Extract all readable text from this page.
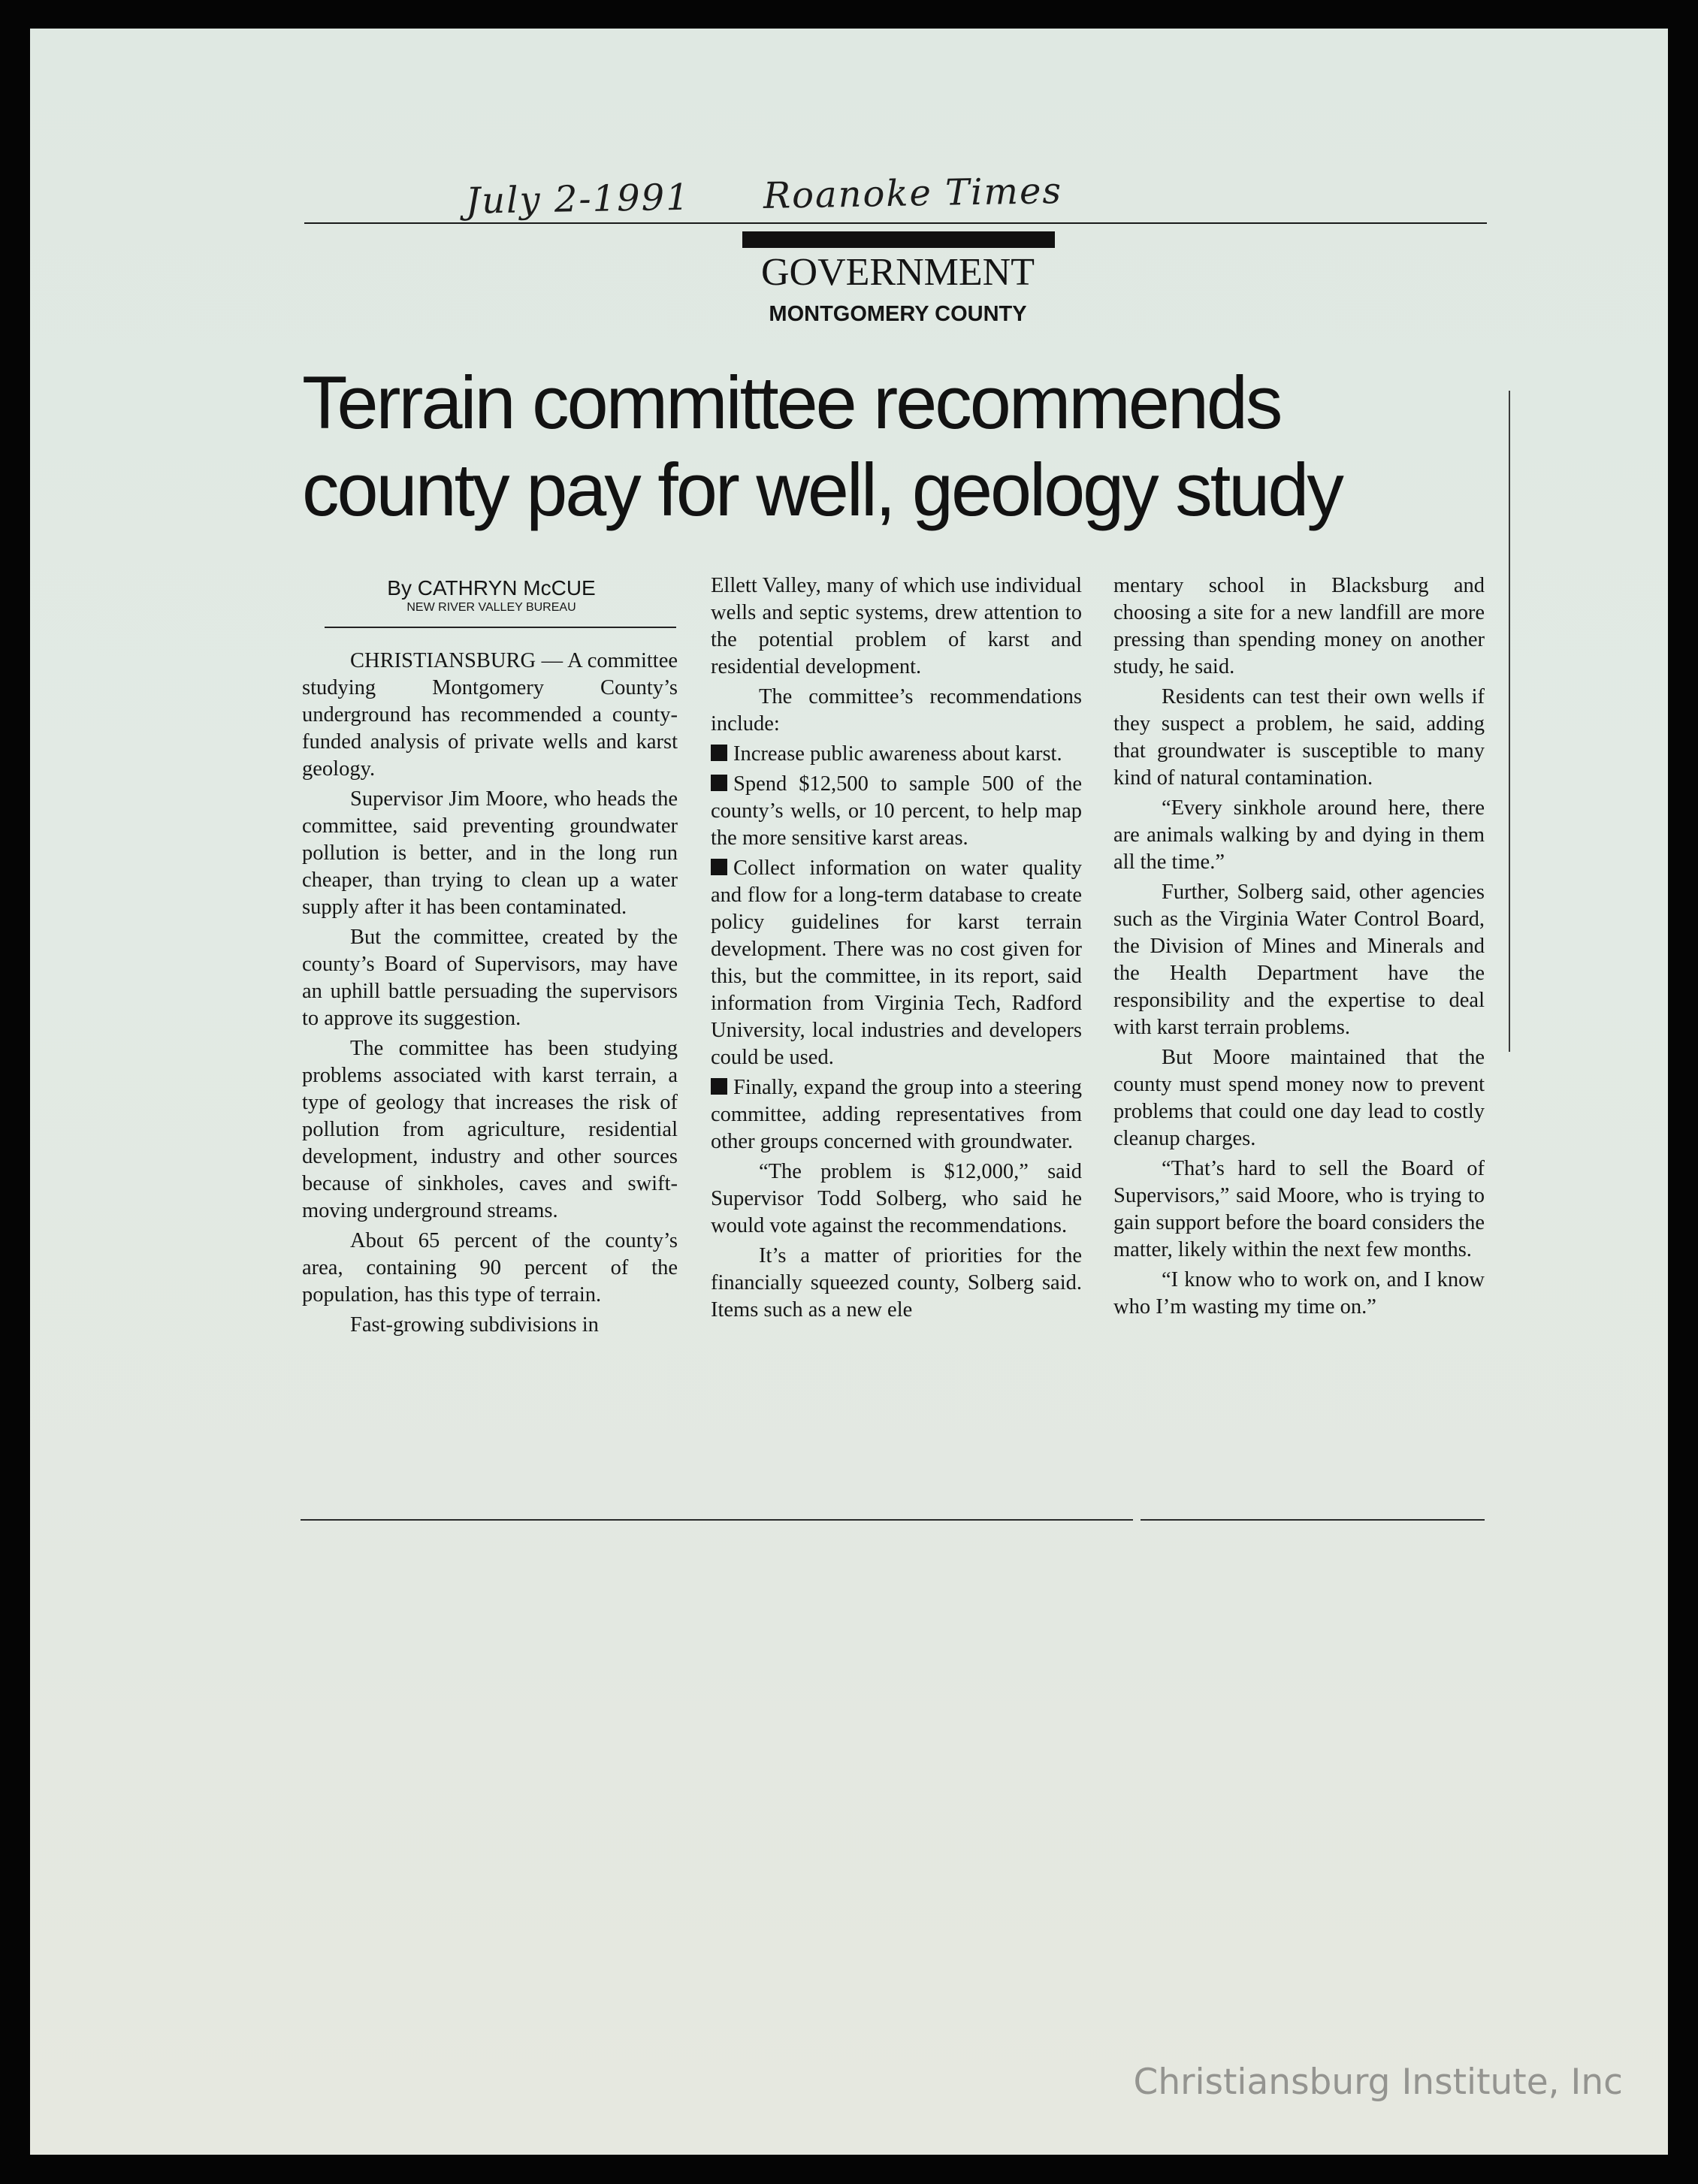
July 2-1991 Roanoke Times
GOVERNMENT
MONTGOMERY COUNTY
Terrain committee recommends
county pay for well, geology study
By CATHRYN McCUE
NEW RIVER VALLEY BUREAU

CHRISTIANSBURG — A committee studying Montgomery County’s underground has recommended a county-funded analysis of private wells and karst geology.

Supervisor Jim Moore, who heads the committee, said preventing groundwater pollution is better, and in the long run cheaper, than trying to clean up a water supply after it has been contaminated.

But the committee, created by the county’s Board of Supervisors, may have an uphill battle persuading the supervisors to approve its suggestion.

The committee has been studying problems associated with karst terrain, a type of geology that increases the risk of pollution from agriculture, residential development, industry and other sources because of sinkholes, caves and swift-moving underground streams.

About 65 percent of the county’s area, containing 90 percent of the population, has this type of terrain.

Fast-growing subdivisions in

Ellett Valley, many of which use individual wells and septic systems, drew attention to the potential problem of karst and residential development.

The committee’s recommendations include:

Increase public awareness about karst.

Spend $12,500 to sample 500 of the county’s wells, or 10 percent, to help map the more sensitive karst areas.

Collect information on water quality and flow for a long-term database to create policy guidelines for karst terrain development. There was no cost given for this, but the committee, in its report, said information from Virginia Tech, Radford University, local industries and developers could be used.

Finally, expand the group into a steering committee, adding representatives from other groups concerned with groundwater.

“The problem is $12,000,” said Supervisor Todd Solberg, who said he would vote against the recommendations.

It’s a matter of priorities for the financially squeezed county, Solberg said. Items such as a new ele

mentary school in Blacksburg and choosing a site for a new landfill are more pressing than spending money on another study, he said.

Residents can test their own wells if they suspect a problem, he said, adding that groundwater is susceptible to many kind of natural contamination.

“Every sinkhole around here, there are animals walking by and dying in them all the time.”

Further, Solberg said, other agencies such as the Virginia Water Control Board, the Division of Mines and Minerals and the Health Department have the responsibility and the expertise to deal with karst terrain problems.

But Moore maintained that the county must spend money now to prevent problems that could one day lead to costly cleanup charges.

“That’s hard to sell the Board of Supervisors,” said Moore, who is trying to gain support before the board considers the matter, likely within the next few months.

“I know who to work on, and I know who I’m wasting my time on.”

Christiansburg Institute, Inc
